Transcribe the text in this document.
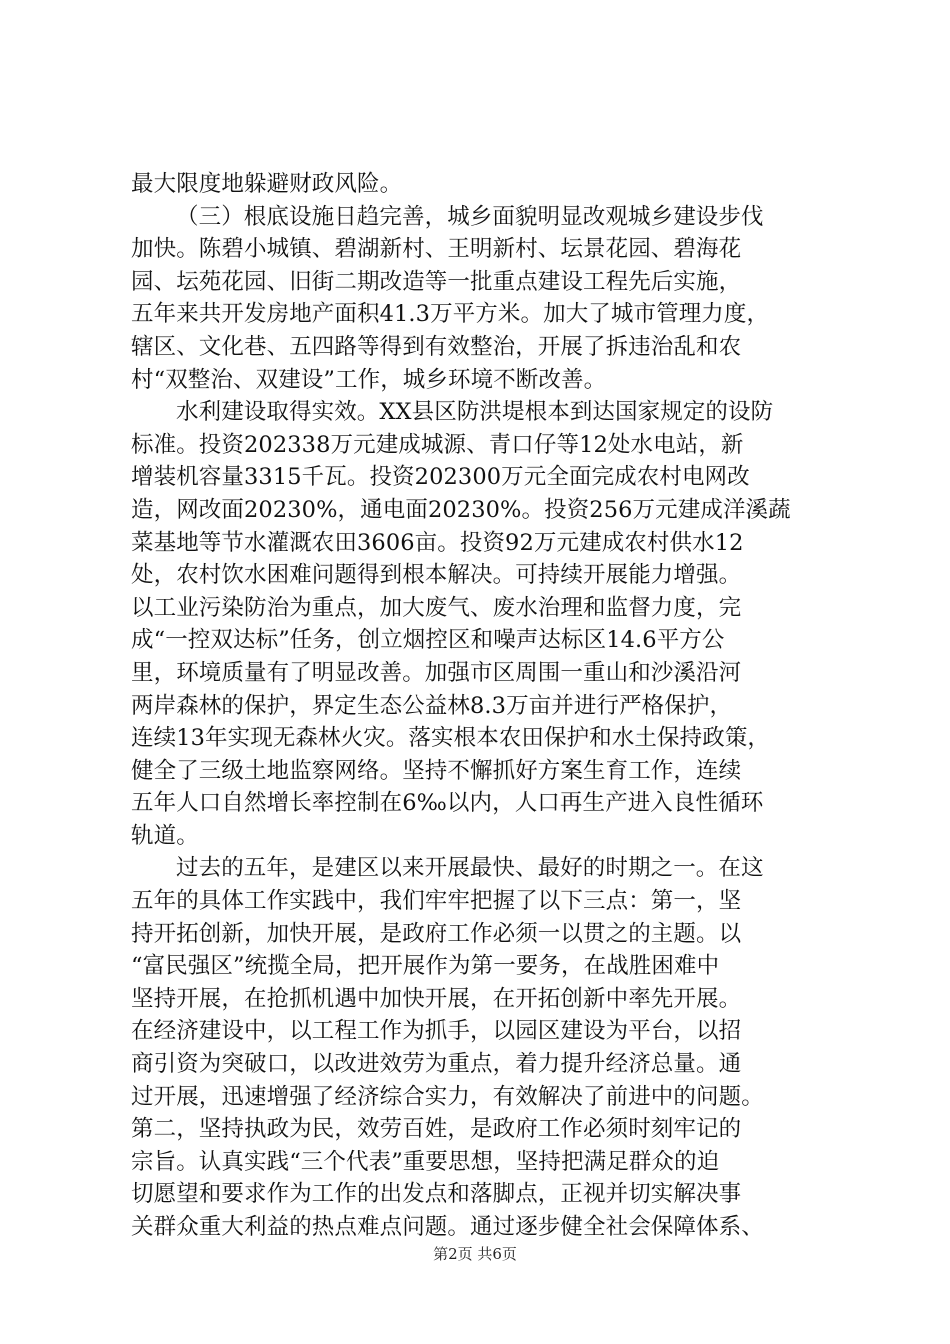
最大限度地躲避财政风险。
（三）根底设施日趋完善，城乡面貌明显改观城乡建设步伐
加快。陈碧小城镇、碧湖新村、王明新村、坛景花园、碧海花
园、坛苑花园、旧街二期改造等一批重点建设工程先后实施，
五年来共开发房地产面积41.3万平方米。加大了城市管理力度，
辖区、文化巷、五四路等得到有效整治，开展了拆违治乱和农
村“双整治、双建设”工作，城乡环境不断改善。
水利建设取得实效。XX县区防洪堤根本到达国家规定的设防
标准。投资202338万元建成城源、青口仔等12处水电站，新
增装机容量3315千瓦。投资202300万元全面完成农村电网改
造，网改面20230%，通电面20230%。投资256万元建成洋溪蔬
菜基地等节水灌溉农田3606亩。投资92万元建成农村供水12
处，农村饮水困难问题得到根本解决。可持续开展能力增强。
以工业污染防治为重点，加大废气、废水治理和监督力度，完
成“一控双达标”任务，创立烟控区和噪声达标区14.6平方公
里，环境质量有了明显改善。加强市区周围一重山和沙溪沿河
两岸森林的保护，界定生态公益林8.3万亩并进行严格保护，
连续13年实现无森林火灾。落实根本农田保护和水土保持政策，
健全了三级土地监察网络。坚持不懈抓好方案生育工作，连续
五年人口自然增长率控制在6‰以内，人口再生产进入良性循环
轨道。
过去的五年，是建区以来开展最快、最好的时期之一。在这
五年的具体工作实践中，我们牢牢把握了以下三点：第一，坚
持开拓创新，加快开展，是政府工作必须一以贯之的主题。以
“富民强区”统揽全局，把开展作为第一要务，在战胜困难中
坚持开展，在抢抓机遇中加快开展，在开拓创新中率先开展。
在经济建设中，以工程工作为抓手，以园区建设为平台，以招
商引资为突破口，以改进效劳为重点，着力提升经济总量。通
过开展，迅速增强了经济综合实力，有效解决了前进中的问题。
第二，坚持执政为民，效劳百姓，是政府工作必须时刻牢记的
宗旨。认真实践“三个代表”重要思想，坚持把满足群众的迫
切愿望和要求作为工作的出发点和落脚点，正视并切实解决事
关群众重大利益的热点难点问题。通过逐步健全社会保障体系、
第2页 共6页
